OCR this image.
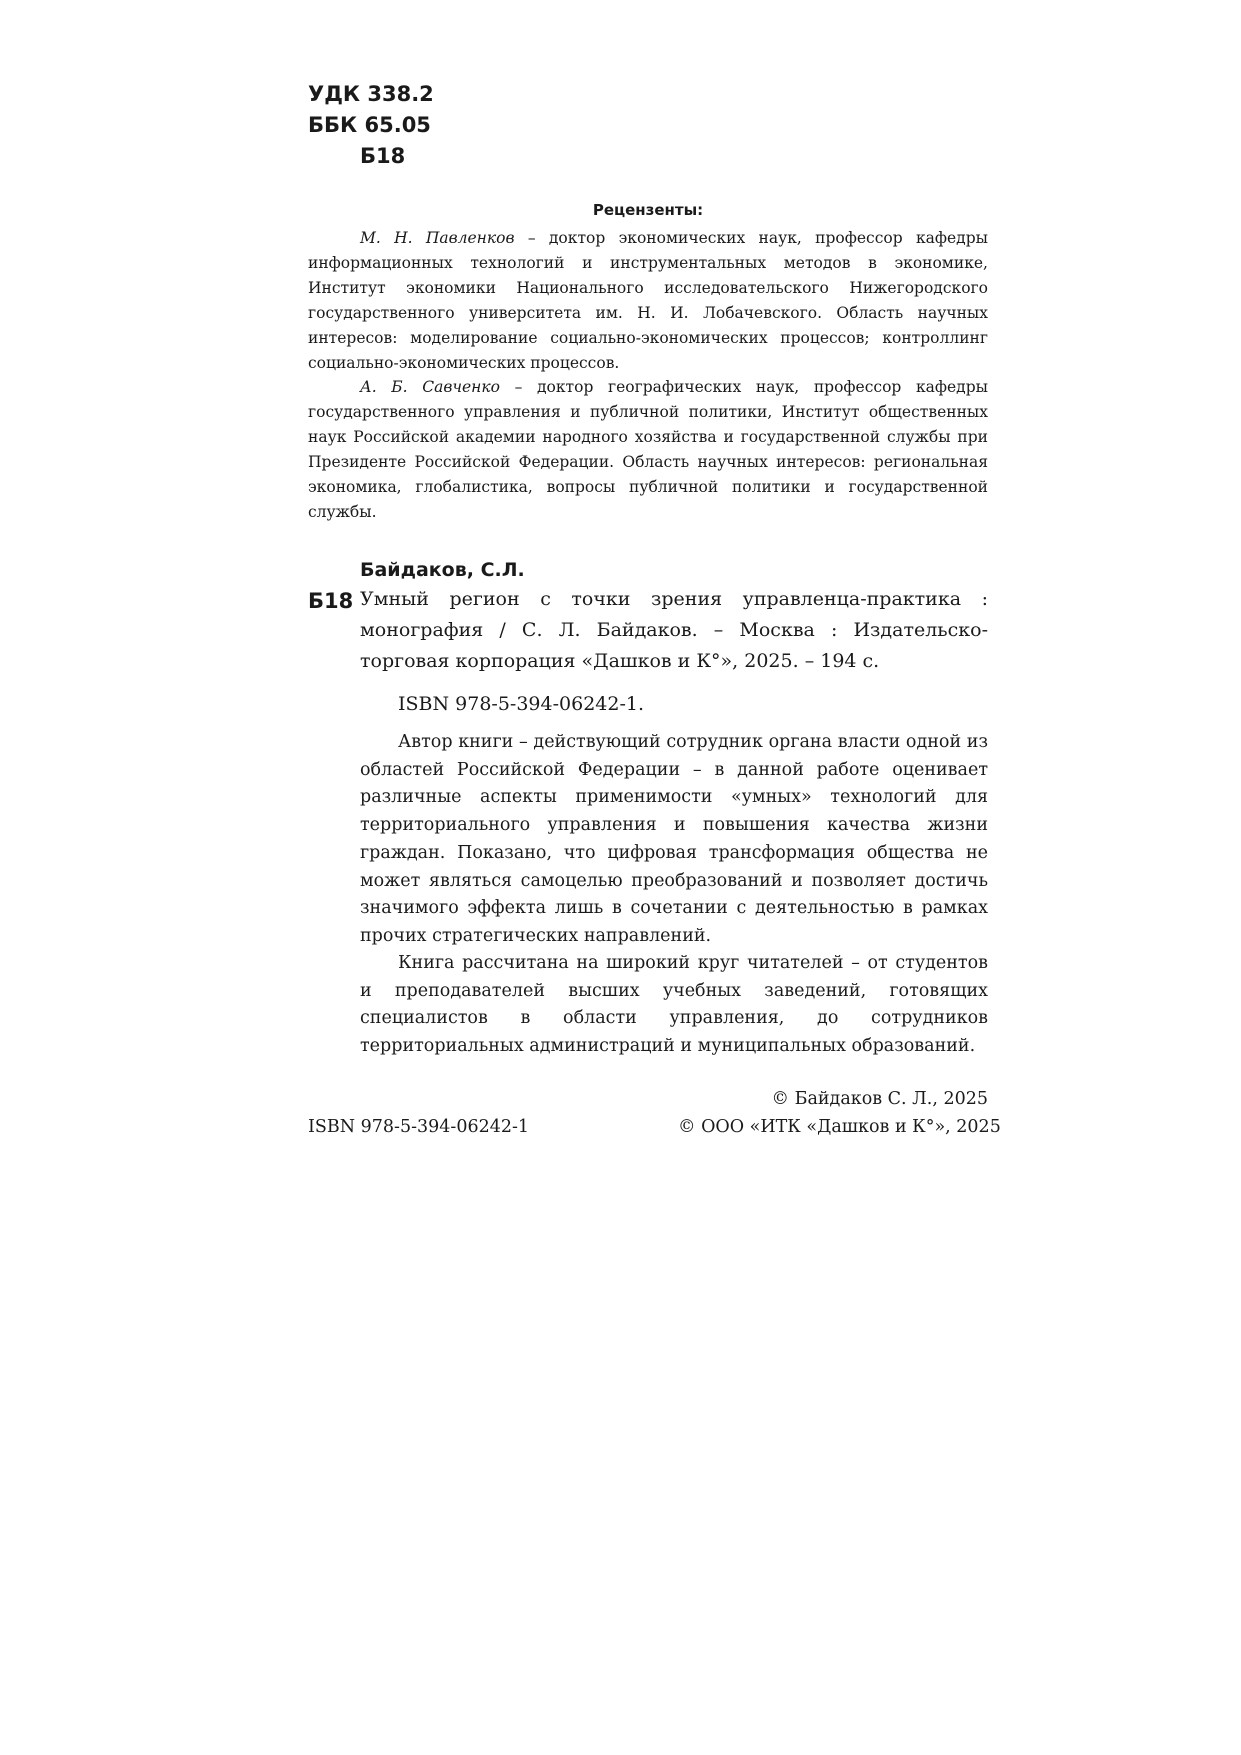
УДК 338.2
ББК 65.05
Б18
Рецензенты:

М. Н. Павленков – доктор экономических наук, профессор кафедры информационных технологий и инструментальных методов в экономике, Институт экономики Национального исследовательского Нижегородского государственного университета им. Н. И. Лобачевского. Область научных интересов: моделирование социально-экономических процессов; контроллинг социально-экономических процессов.

А. Б. Савченко – доктор географических наук, профессор кафедры государственного управления и публичной политики, Институт общественных наук Российской академии народного хозяйства и государственной службы при Президенте Российской Федерации. Область научных интересов: региональная экономика, глобалистика, вопросы публичной политики и государственной службы.

Байдаков, С.Л.
Б18 Умный регион с точки зрения управленца-практика : монография / С. Л. Байдаков. – Москва : Издательско-торговая корпорация «Дашков и К°», 2025. – 194 с.

ISBN 978-5-394-06242-1.

Автор книги – действующий сотрудник органа власти одной из областей Российской Федерации – в данной работе оценивает различные аспекты применимости «умных» технологий для территориального управления и повышения качества жизни граждан. Показано, что цифровая трансформация общества не может являться самоцелью преобразований и позволяет достичь значимого эффекта лишь в сочетании с деятельностью в рамках прочих стратегических направлений.

Книга рассчитана на широкий круг читателей – от студентов и преподавателей высших учебных заведений, готовящих специалистов в области управления, до сотрудников территориальных администраций и муниципальных образований.

ISBN 978-5-394-06242-1
© Байдаков С. Л., 2025
© ООО «ИТК «Дашков и К°», 2025
